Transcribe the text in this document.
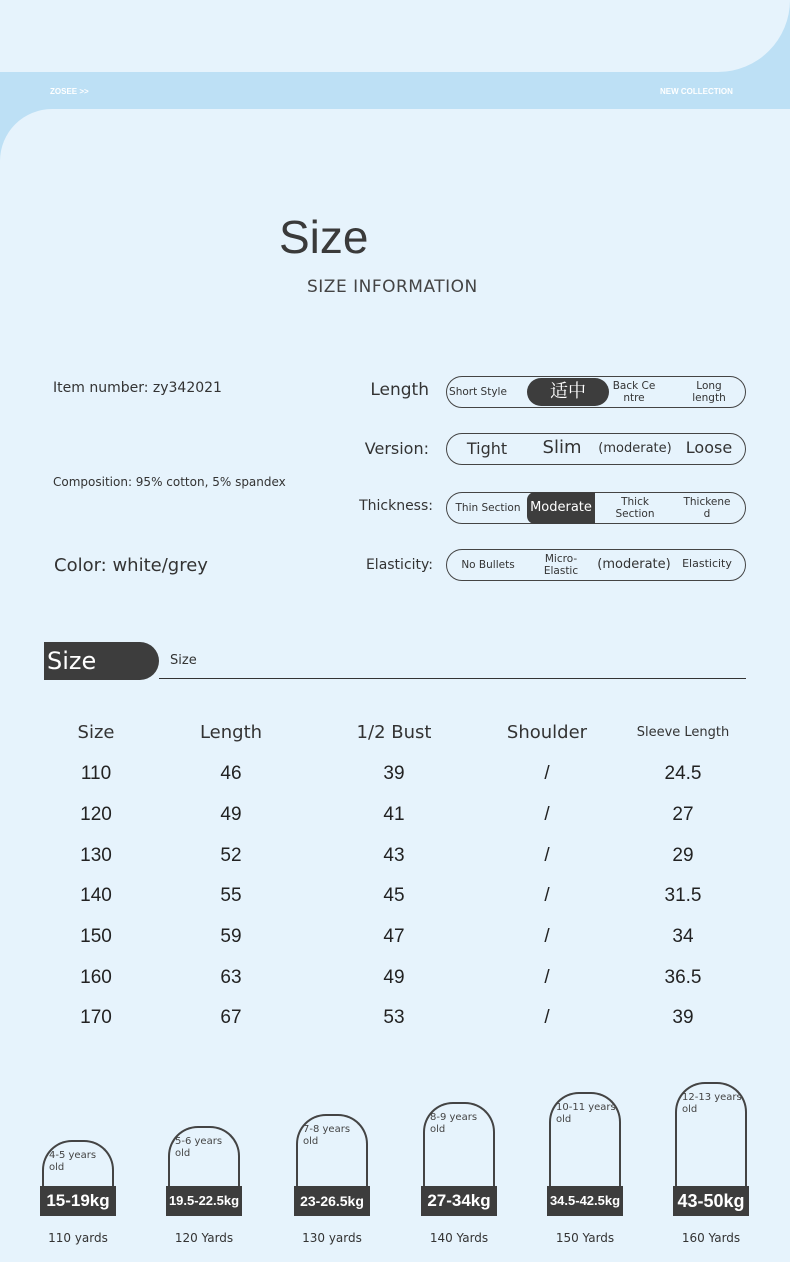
ZOSEE >>	NEW COLLECTION
Size
SIZE INFORMATION
Item number: zy342021
Composition: 95% cotton, 5% spandex
Color: white/grey
Length Short Style	适中	Back Ce ntre
Long length
Version:	Tight	Slim	(moderate) Loose
Thickness: Thin Section Moderate	Thick Section
Thickene d
Elasticity:	No Bullets	Micro- Elastic	(moderate)	Elasticity
Size	Size
Size	Length	1/2 Bust	Shoulder	Sleeve Length
110	46	39	/	24.5
120	49	41	/	27
130	52	43	/	29
140	55	45	/	31.5
150	59	47	/	34
160	63	49	/	36.5
170	67	53	/	39
4-5 years old
15-19kg
110 yards
5-6 years old
19.5-22.5kg
120 Yards
7-8 years old
23-26.5kg
130 yards
8-9 years old
27-34kg
140 Yards
10-11 years old
34.5-42.5kg
150 Yards
12-13 years old
43-50kg
160 Yards
